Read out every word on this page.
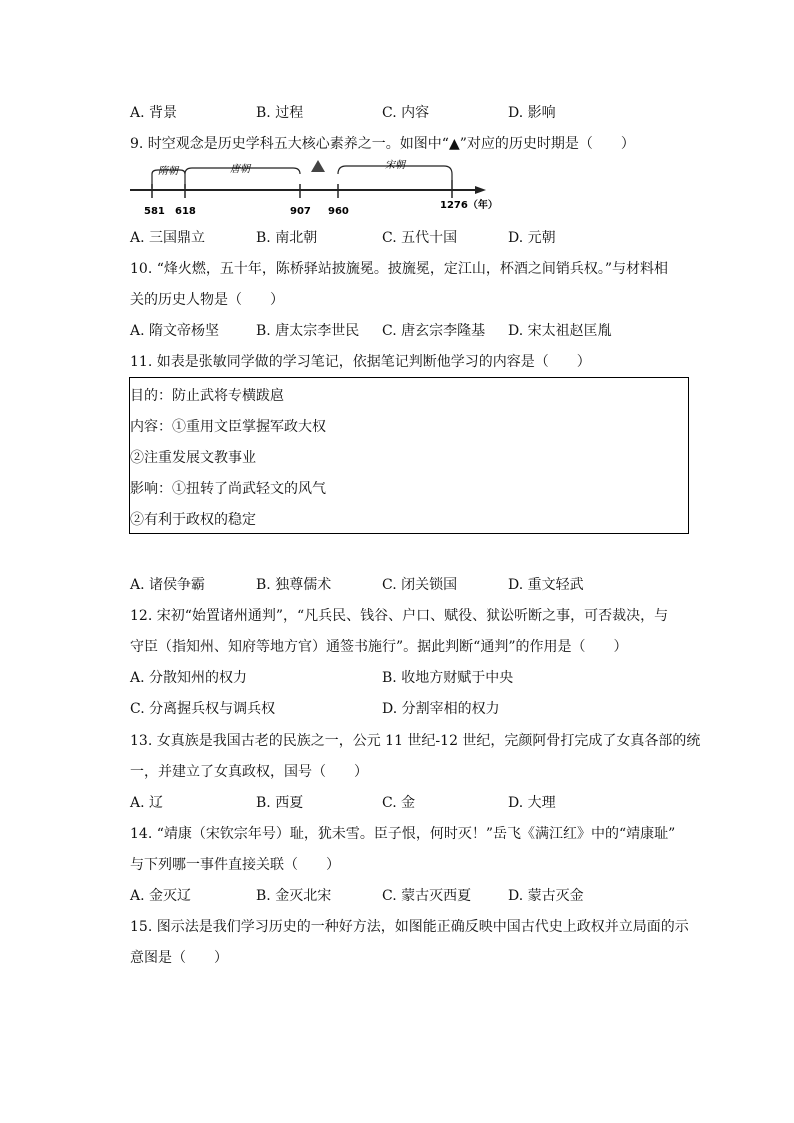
A. 背景	B. 过程	C. 内容	D. 影响
9. 时空观念是历史学科五大核心素养之一。如图中“▲”对应的历史时期是（　　）
隋朝	唐朝	宋朝
581 618	907 960
1276（年）
A. 三国鼎立	B. 南北朝	C. 五代十国	D. 元朝
10. “烽火燃，五十年，陈桥驿站披旒冕。披旒冕，定江山，杯酒之间销兵权。”与材料相
关的历史人物是（　　）
A. 隋文帝杨坚	B. 唐太宗李世民 C. 唐玄宗李隆基 D. 宋太祖赵匡胤
11. 如表是张敏同学做的学习笔记，依据笔记判断他学习的内容是（　　）
目的：防止武将专横跋扈
内容：①重用文臣掌握军政大权
②注重发展文教事业
影响：①扭转了尚武轻文的风气
②有利于政权的稳定
A. 诸侯争霸	B. 独尊儒术	C. 闭关锁国	D. 重文轻武
12. 宋初“始置诸州通判”，“凡兵民、钱谷、户口、赋役、狱讼听断之事，可否裁决，与
守臣（指知州、知府等地方官）通签书施行”。据此判断“通判”的作用是（　　）
A. 分散知州的权力	B. 收地方财赋于中央
C. 分离握兵权与调兵权	D. 分割宰相的权力
13. 女真族是我国古老的民族之一，公元 11 世纪-12 世纪，完颜阿骨打完成了女真各部的统
一，并建立了女真政权，国号（　　）
A. 辽	B. 西夏	C. 金	D. 大理
14. “靖康（宋钦宗年号）耻，犹未雪。臣子恨，何时灭！”岳飞《满江红》中的“靖康耻”
与下列哪一事件直接关联（　　）
A. 金灭辽	B. 金灭北宋	C. 蒙古灭西夏	D. 蒙古灭金
15. 图示法是我们学习历史的一种好方法，如图能正确反映中国古代史上政权并立局面的示
意图是（　　）
